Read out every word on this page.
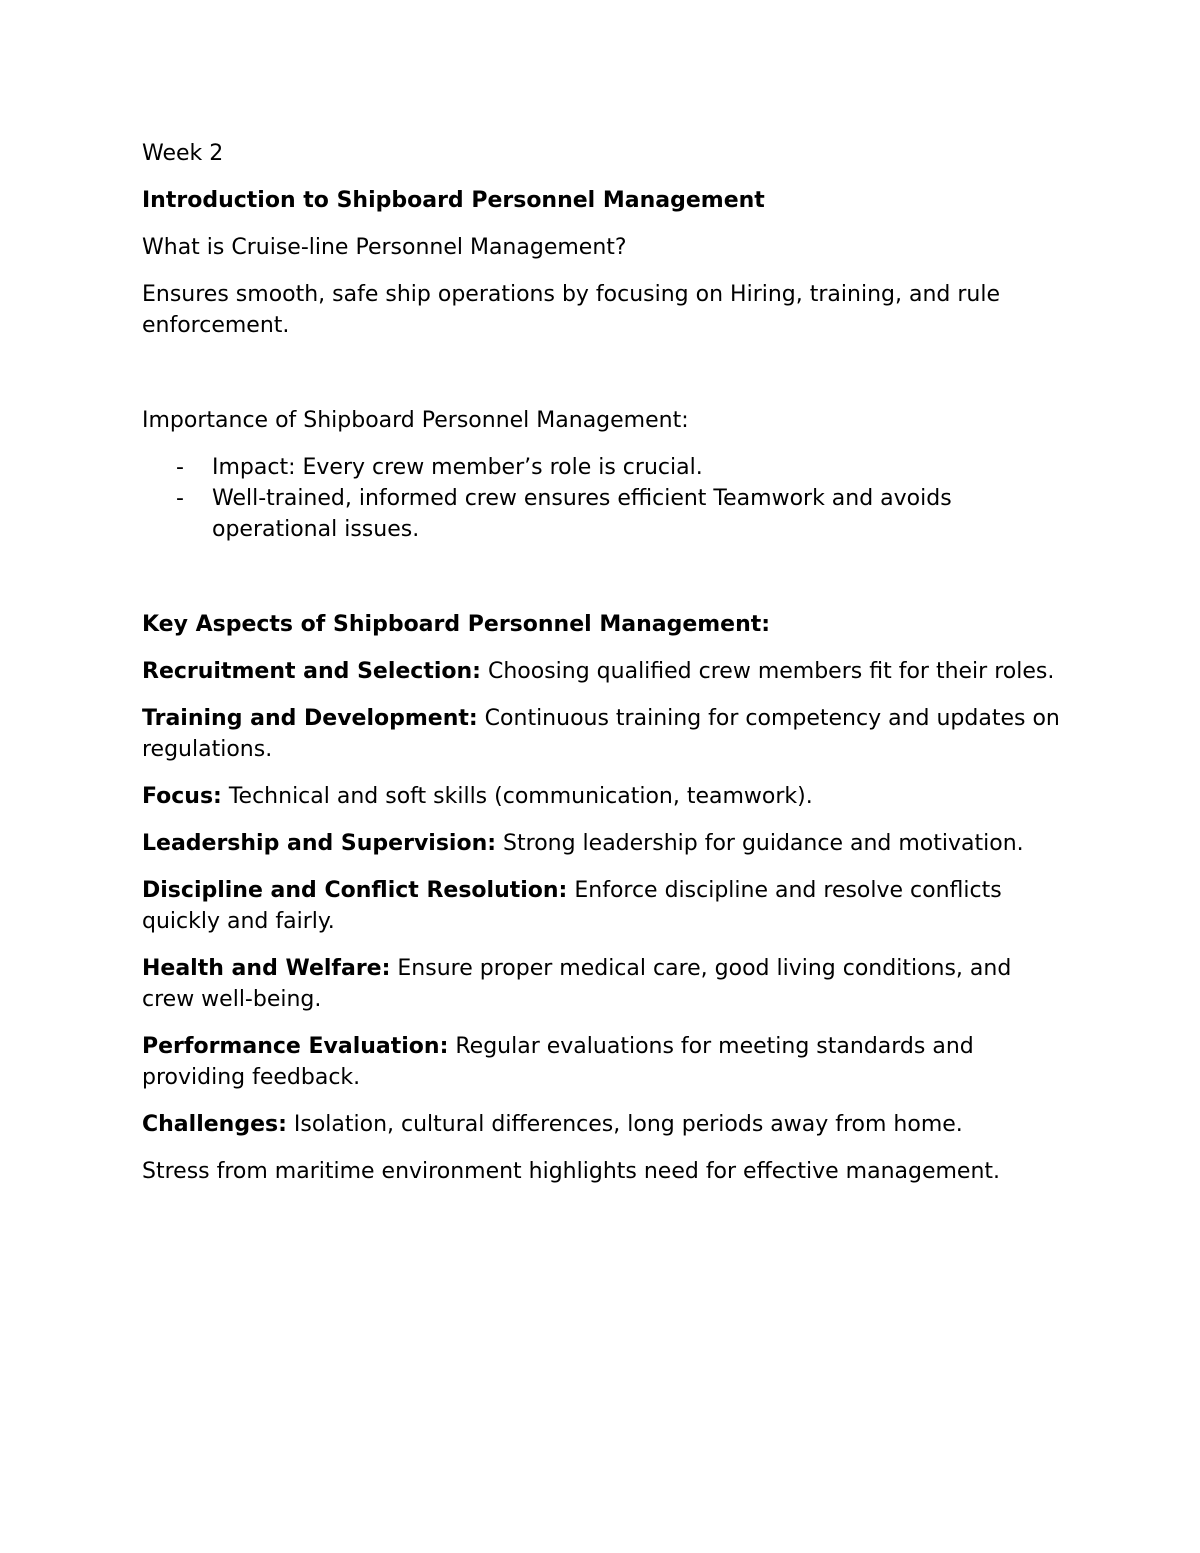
Week 2

Introduction to Shipboard Personnel Management

What is Cruise-line Personnel Management?

Ensures smooth, safe ship operations by focusing on Hiring, training, and rule enforcement.

Importance of Shipboard Personnel Management:

- Impact: Every crew member’s role is crucial.
- Well-trained, informed crew ensures efficient Teamwork and avoids operational issues.

Key Aspects of Shipboard Personnel Management:

Recruitment and Selection: Choosing qualified crew members fit for their roles.

Training and Development: Continuous training for competency and updates on regulations.

Focus: Technical and soft skills (communication, teamwork).

Leadership and Supervision: Strong leadership for guidance and motivation.

Discipline and Conflict Resolution: Enforce discipline and resolve conflicts quickly and fairly.

Health and Welfare: Ensure proper medical care, good living conditions, and crew well-being.

Performance Evaluation: Regular evaluations for meeting standards and providing feedback.

Challenges: Isolation, cultural differences, long periods away from home.

Stress from maritime environment highlights need for effective management.
